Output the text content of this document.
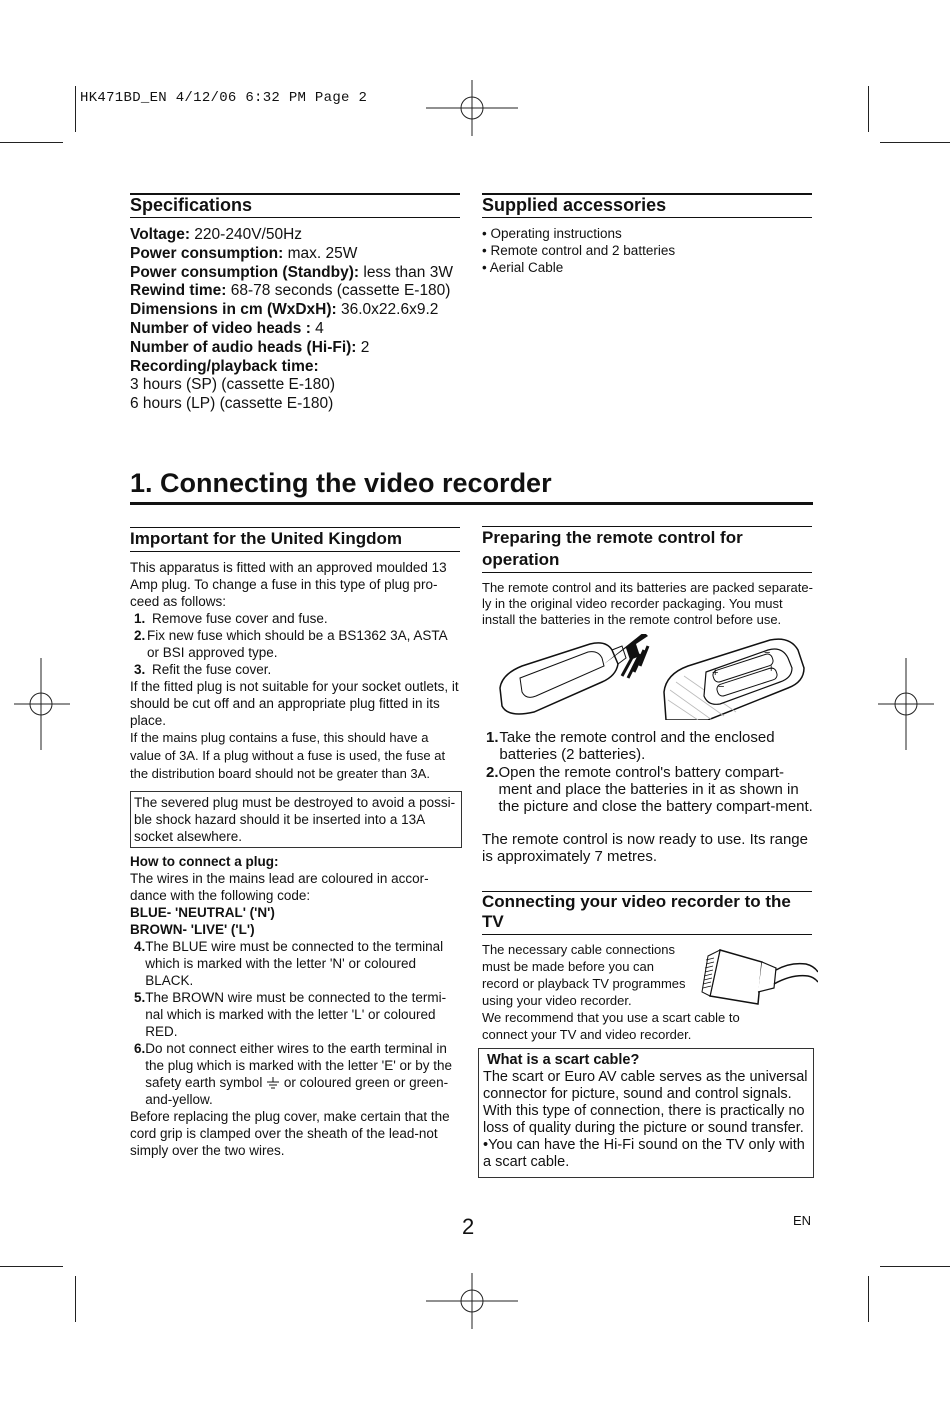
HK471BD_EN 4/12/06 6:32 PM Page 2
Specifications
Voltage: 220-240V/50Hz
Power consumption: max. 25W
Power consumption (Standby): less than 3W
Rewind time: 68-78 seconds (cassette E-180)
Dimensions in cm (WxDxH): 36.0x22.6x9.2
Number of video heads : 4
Number of audio heads (Hi-Fi): 2
Recording/playback time:
3 hours (SP) (cassette E-180)
6 hours (LP) (cassette E-180)
Supplied accessories
• Operating instructions
• Remote control and 2 batteries
• Aerial Cable
1. Connecting the video recorder
Important for the United Kingdom

This apparatus is fitted with an approved moulded 13 Amp plug. To change a fuse in this type of plug pro-ceed as follows:

1. Remove fuse cover and fuse.
2. Fix new fuse which should be a BS1362 3A, ASTA or BSI approved type.
3. Refit the fuse cover.

If the fitted plug is not suitable for your socket outlets, it should be cut off and an appropriate plug fitted in its place.

If the mains plug contains a fuse, this should have a value of 3A. If a plug without a fuse is used, the fuse at the distribution board should not be greater than 3A.

The severed plug must be destroyed to avoid a possi-ble shock hazard should it be inserted into a 13A socket alsewhere.

How to connect a plug:

The wires in the mains lead are coloured in accor-dance with the following code:

BLUE- 'NEUTRAL' ('N')

BROWN- 'LIVE' ('L')

4. The BLUE wire must be connected to the terminal which is marked with the letter 'N' or coloured BLACK.
5. The BROWN wire must be connected to the termi-nal which is marked with the letter 'L' or coloured RED.
6. Do not connect either wires to the earth terminal in the plug which is marked with the letter 'E' or by the safety earth symbol  or coloured green or green-and-yellow.

Before replacing the plug cover, make certain that the cord grip is clamped over the sheath of the lead-not simply over the two wires.

Preparing the remote control for operation
The remote control and its batteries are packed separate-ly in the original video recorder packaging. You must install the batteries in the remote control before use.
+
−
−
+
1. Take the remote control and the enclosed batteries (2 batteries).
2. Open the remote control's battery compart-ment and place the batteries in it as shown in the picture and close the battery compart-ment.
The remote control is now ready to use. Its range is approximately 7 metres.
Connecting your video recorder to the TV
The necessary cable connections must be made before you can record or playback TV programmes using your video recorder.
We recommend that you use a scart cable to connect your TV and video recorder.
What is a scart cable?
The scart or Euro AV cable serves as the universal connector for picture, sound and control signals. With this type of connection, there is practically no loss of quality during the picture or sound transfer.
•You can have the Hi-Fi sound on the TV only with a scart cable.
2	EN
